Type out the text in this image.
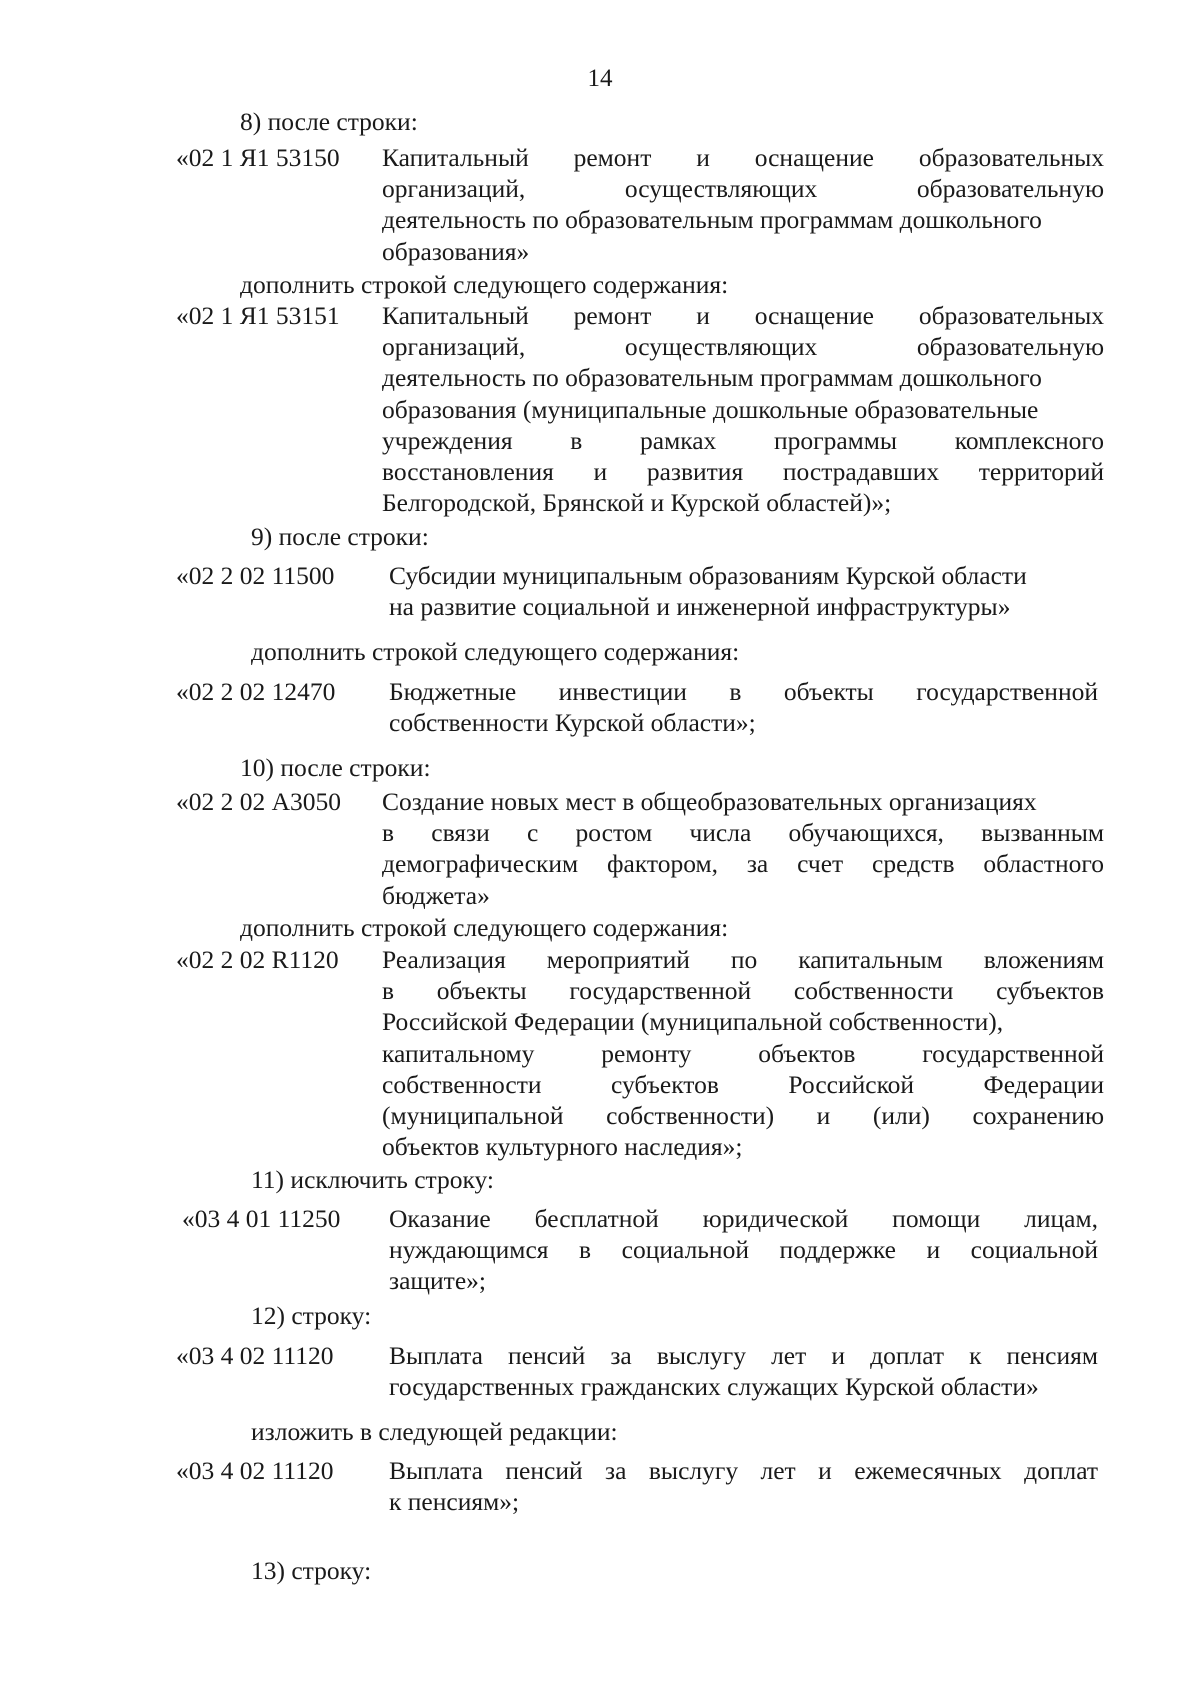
14
8) после строки:
«02 1 Я1 53150 Капитальный ремонт и оснащение образовательных
организаций, осуществляющих образовательную
деятельность по образовательным программам дошкольного
образования»
дополнить строкой следующего содержания:
«02 1 Я1 53151 Капитальный ремонт и оснащение образовательных
организаций, осуществляющих образовательную
деятельность по образовательным программам дошкольного
образования (муниципальные дошкольные образовательные
учреждения в рамках программы комплексного
восстановления и развития пострадавших территорий
Белгородской, Брянской и Курской областей)»;
9) после строки:
«02 2 02 11500 Субсидии муниципальным образованиям Курской области
на развитие социальной и инженерной инфраструктуры»
дополнить строкой следующего содержания:
«02 2 02 12470 Бюджетные инвестиции в объекты государственной
собственности Курской области»;
10) после строки:
«02 2 02 А3050 Создание новых мест в общеобразовательных организациях
в связи с ростом числа обучающихся, вызванным
демографическим фактором, за счет средств областного
бюджета»
дополнить строкой следующего содержания:
«02 2 02 R1120 Реализация мероприятий по капитальным вложениям
в объекты государственной собственности субъектов
Российской Федерации (муниципальной собственности),
капитальному ремонту объектов государственной
собственности субъектов Российской Федерации
(муниципальной собственности) и (или) сохранению
объектов культурного наследия»;
11) исключить строку:
«03 4 01 11250 Оказание бесплатной юридической помощи лицам,
нуждающимся в социальной поддержке и социальной
защите»;
12) строку:
«03 4 02 11120 Выплата пенсий за выслугу лет и доплат к пенсиям
государственных гражданских служащих Курской области»
изложить в следующей редакции:
«03 4 02 11120 Выплата пенсий за выслугу лет и ежемесячных доплат
к пенсиям»;
13) строку:
